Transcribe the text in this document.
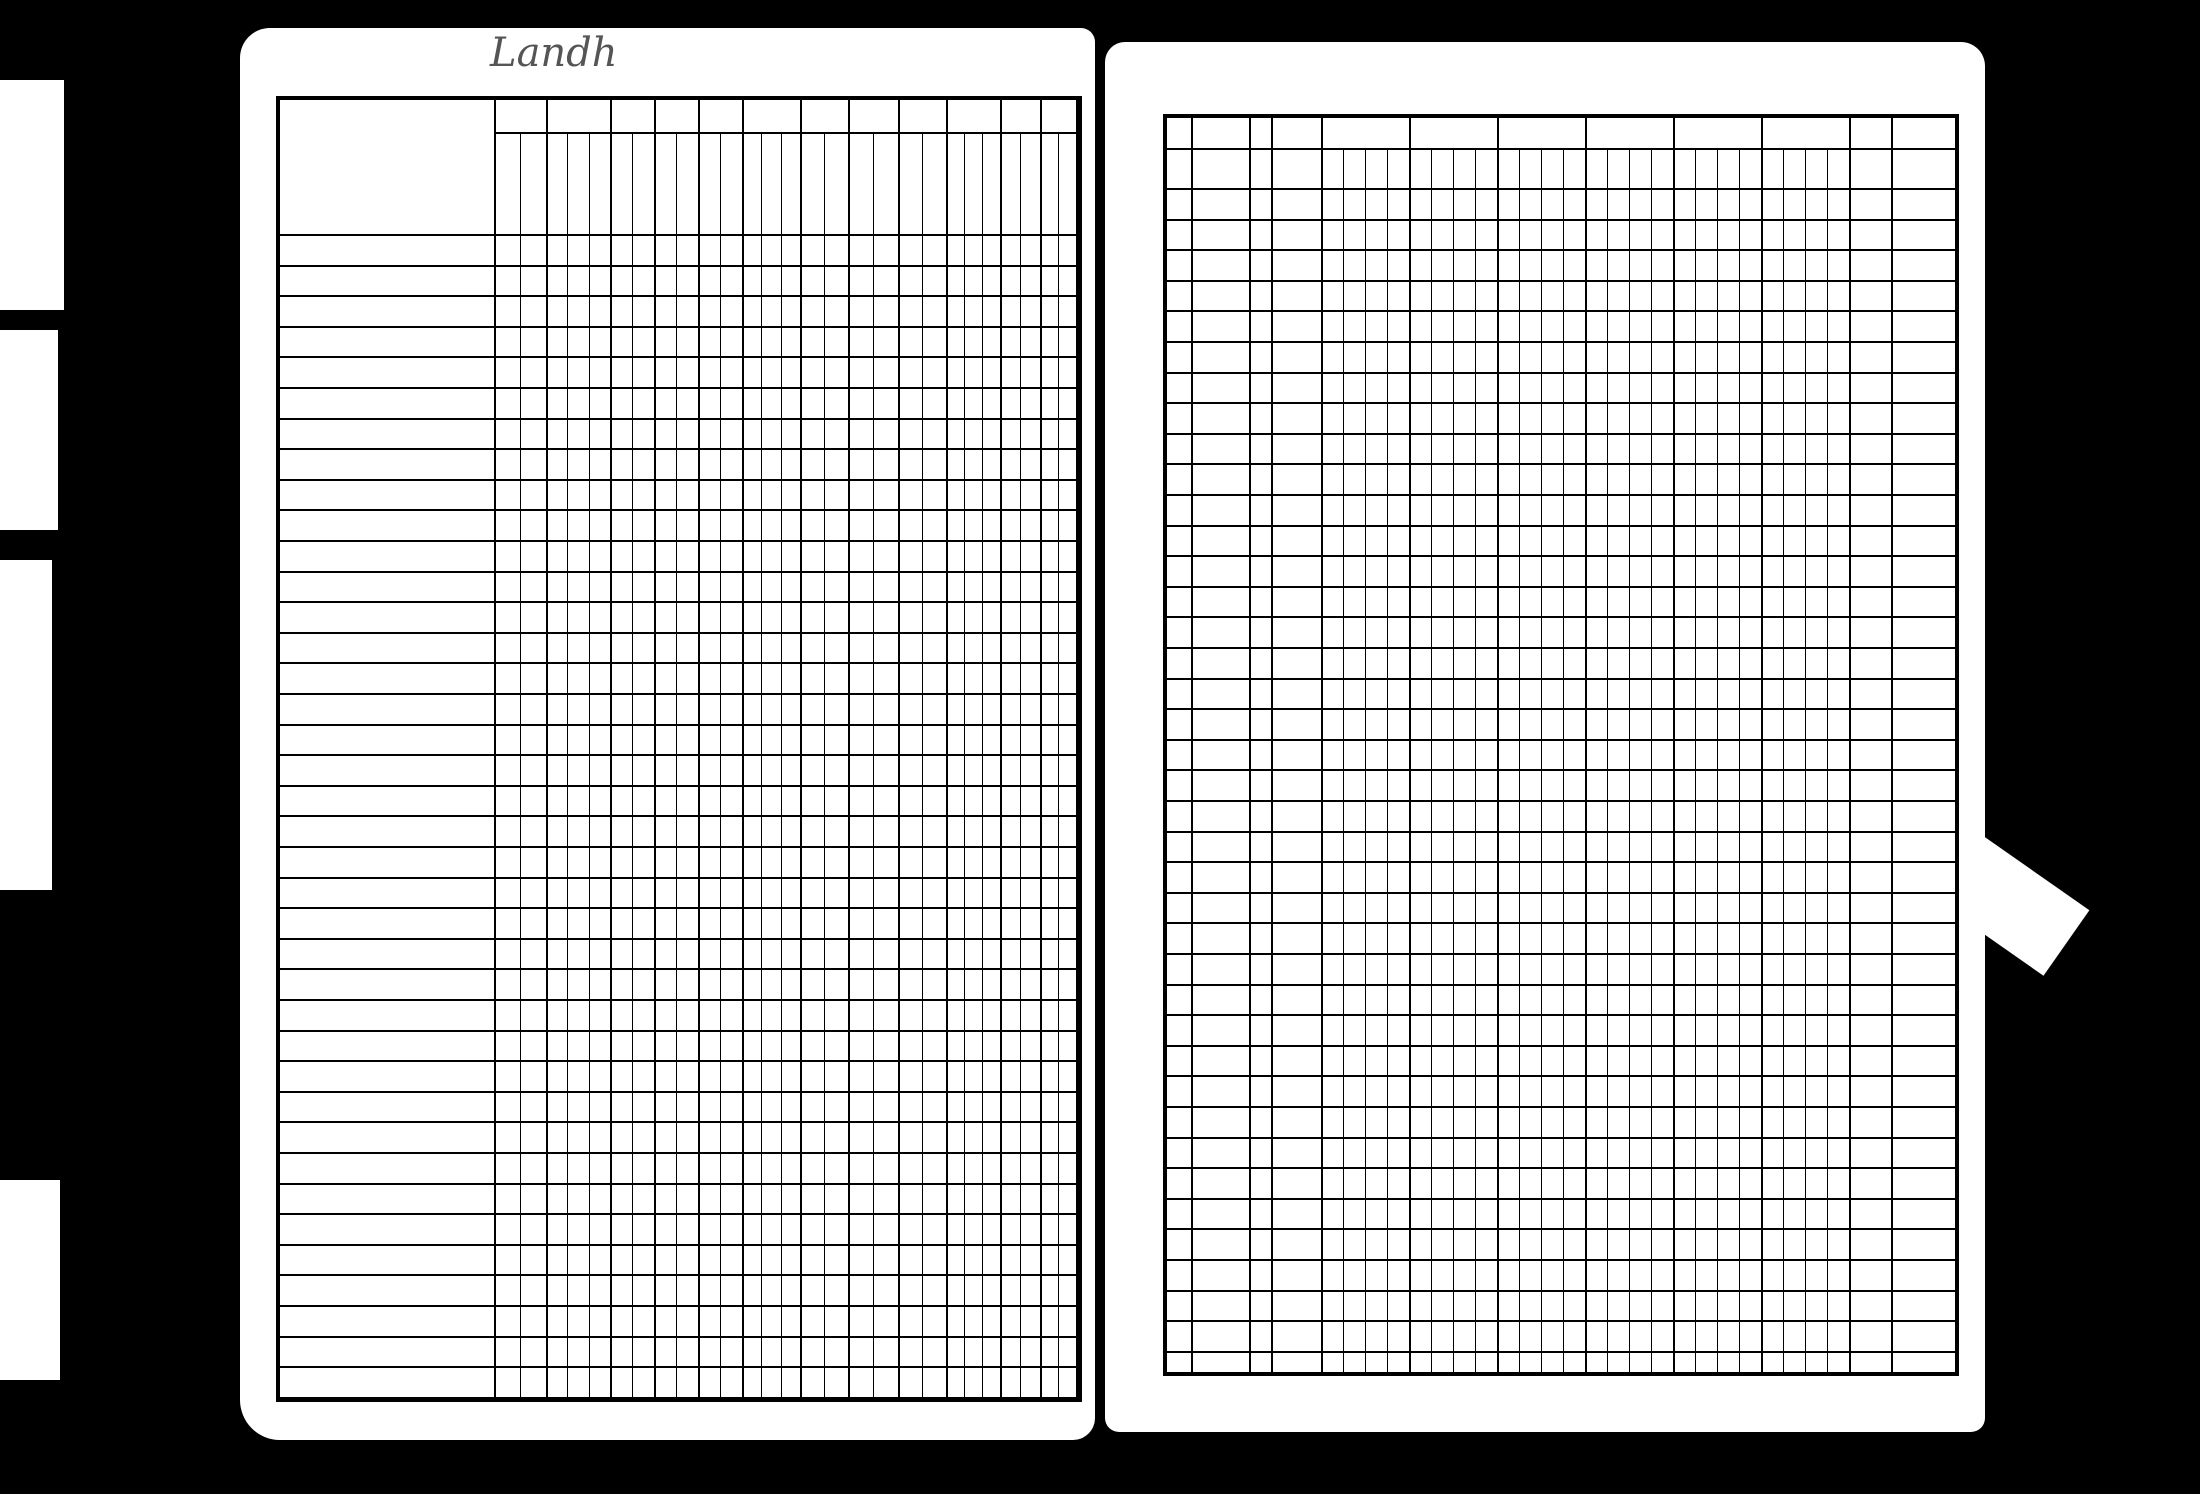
Landh
